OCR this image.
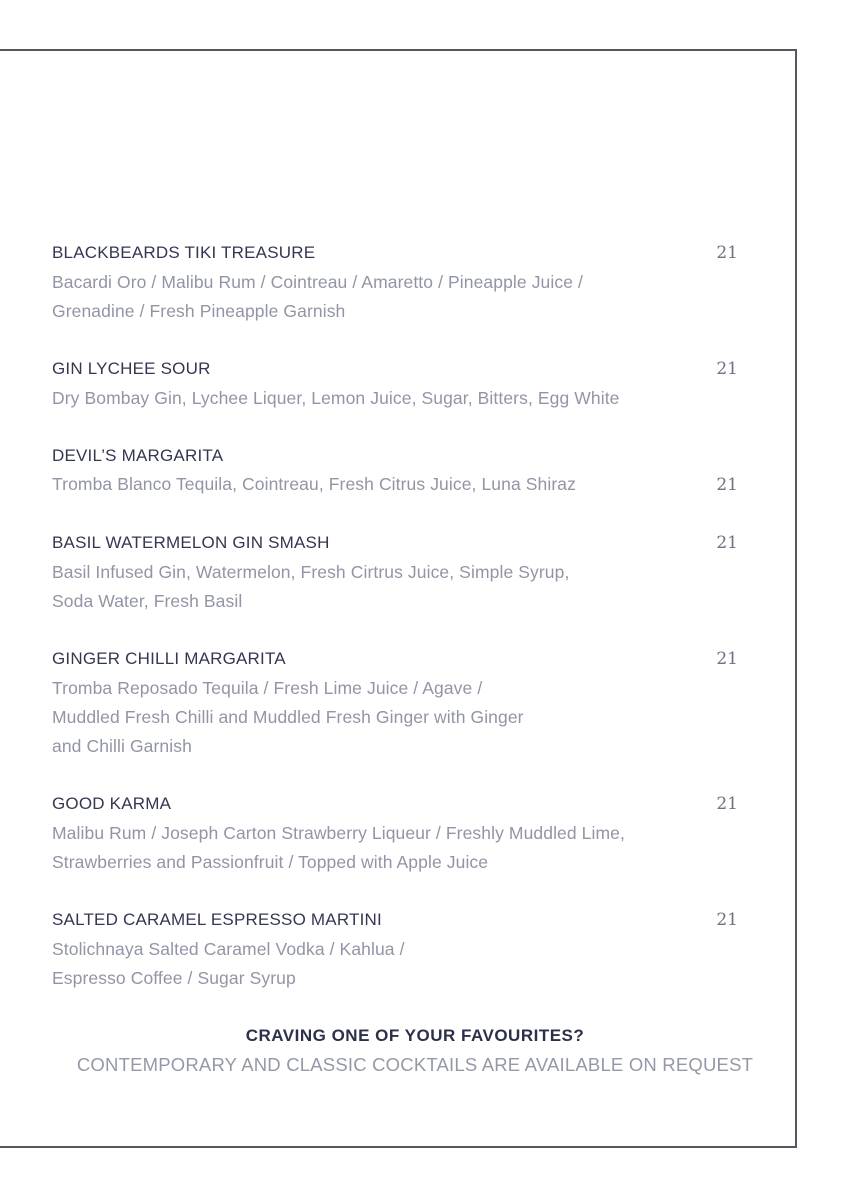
BLACKBEARDS TIKI TREASURE	21
Bacardi Oro / Malibu Rum / Cointreau / Amaretto / Pineapple Juice /
Grenadine / Fresh Pineapple Garnish
GIN LYCHEE SOUR	21
Dry Bombay Gin, Lychee Liquer, Lemon Juice, Sugar, Bitters, Egg White
DEVIL’S MARGARITA
Tromba Blanco Tequila, Cointreau, Fresh Citrus Juice, Luna Shiraz	21
BASIL WATERMELON GIN SMASH	21
Basil Infused Gin, Watermelon, Fresh Cirtrus Juice, Simple Syrup,
Soda Water, Fresh Basil
GINGER CHILLI MARGARITA	21
Tromba Reposado Tequila / Fresh Lime Juice / Agave /
Muddled Fresh Chilli and Muddled Fresh Ginger with Ginger
and Chilli Garnish
GOOD KARMA	21
Malibu Rum / Joseph Carton Strawberry Liqueur / Freshly Muddled Lime,
Strawberries and Passionfruit / Topped with Apple Juice
SALTED CARAMEL ESPRESSO MARTINI	21
Stolichnaya Salted Caramel Vodka / Kahlua /
Espresso Coffee / Sugar Syrup
CRAVING ONE OF YOUR FAVOURITES?
CONTEMPORARY AND CLASSIC COCKTAILS ARE AVAILABLE ON REQUEST
